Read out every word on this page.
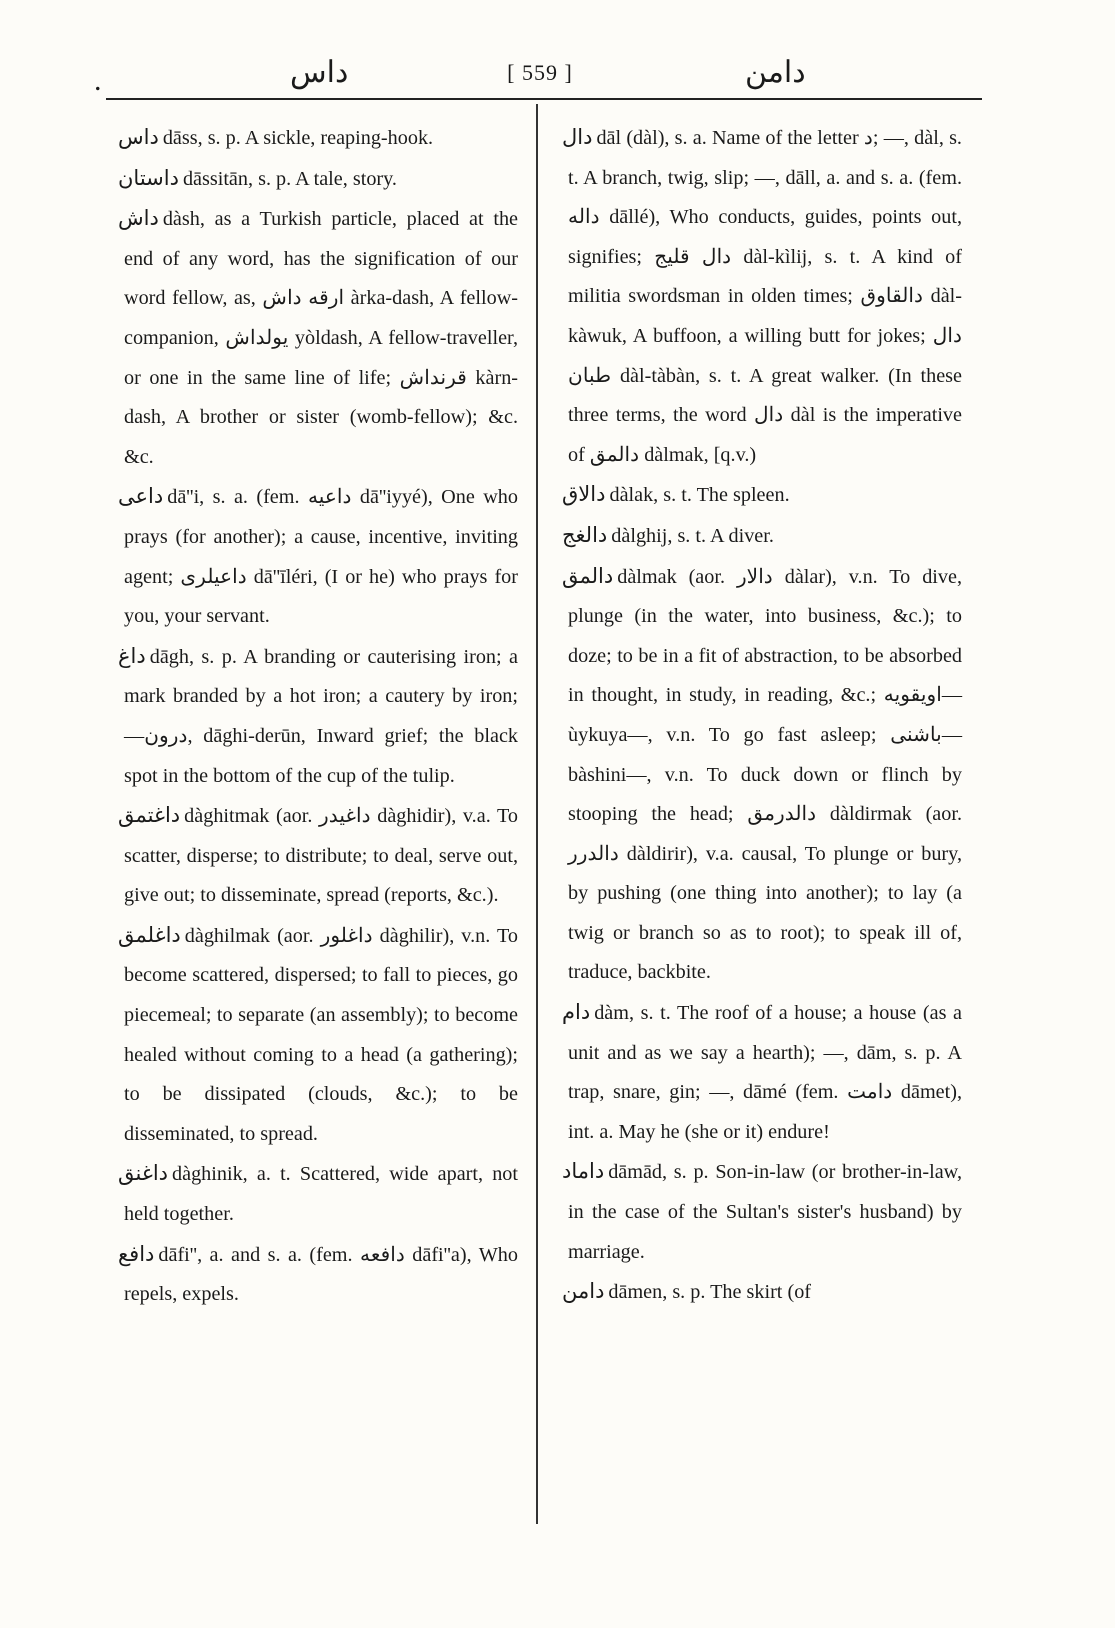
.	داس	[ 559 ]	دامن
داس dāss, s. p. A sickle, reaping-hook.
داستان dāssitān, s. p. A tale, story.
داش dàsh, as a Turkish particle, placed at the end of any word, has the signification of our word fellow, as, ارقه داش àrka-dash, A fellow-companion, یولداش yòldash, A fellow-traveller, or one in the same line of life; قرنداش kàrn-dash, A brother or sister (womb-fellow); &c. &c.
داعی dā''i, s. a. (fem. داعیه dā''iyyé), One who prays (for another); a cause, incentive, inviting agent; داعیلری dā''īléri, (I or he) who prays for you, your servant.
داغ dāgh, s. p. A branding or cauterising iron; a mark branded by a hot iron; a cautery by iron; —درون, dāghi-derūn, Inward grief; the black spot in the bottom of the cup of the tulip.
داغتمق dàghitmak (aor. داغیدر dàghidir), v.a. To scatter, disperse; to distribute; to deal, serve out, give out; to disseminate, spread (reports, &c.).
داغلمق dàghilmak (aor. داغلور dàghilir), v.n. To become scattered, dispersed; to fall to pieces, go piecemeal; to separate (an assembly); to become healed without coming to a head (a gathering); to be dissipated (clouds, &c.); to be disseminated, to spread.
داغنق dàghinik, a. t. Scattered, wide apart, not held together.
دافع dāfi'', a. and s. a. (fem. دافعه dāfi''a), Who repels, expels.
دال dāl (dàl), s. a. Name of the letter د; —, dàl, s. t. A branch, twig, slip; —, dāll, a. and s. a. (fem. داله dāllé), Who conducts, guides, points out, signifies; دال قلیج dàl-kìlij, s. t. A kind of militia swordsman in olden times; دالقاوق dàl-kàwuk, A buffoon, a willing butt for jokes; دال طبان dàl-tàbàn, s. t. A great walker. (In these three terms, the word دال dàl is the imperative of دالمق dàlmak, [q.v.)
دالاق dàlak, s. t. The spleen.
دالغج dàlghij, s. t. A diver.
دالمق dàlmak (aor. دالار dàlar), v.n. To dive, plunge (in the water, into business, &c.); to doze; to be in a fit of abstraction, to be absorbed in thought, in study, in reading, &c.; اویقویه— ùykuya—, v.n. To go fast asleep; باشنی— bàshini—, v.n. To duck down or flinch by stooping the head; دالدرمق dàldirmak (aor. دالدرر dàldirir), v.a. causal, To plunge or bury, by pushing (one thing into another); to lay (a twig or branch so as to root); to speak ill of, traduce, backbite.
دام dàm, s. t. The roof of a house; a house (as a unit and as we say a hearth); —, dām, s. p. A trap, snare, gin; —, dāmé (fem. دامت dāmet), int. a. May he (she or it) endure!
داماد dāmād, s. p. Son-in-law (or brother-in-law, in the case of the Sultan's sister's husband) by marriage.
دامن dāmen, s. p. The skirt (of
